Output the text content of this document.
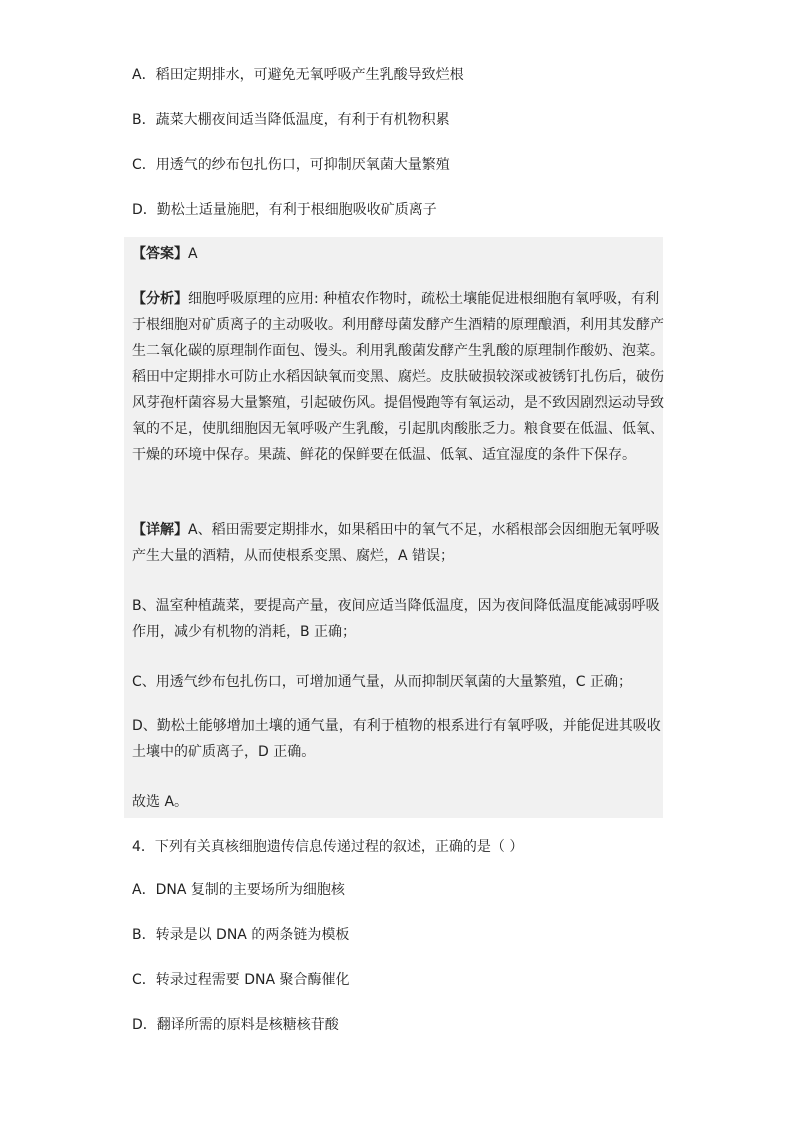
A．稻田定期排水，可避免无氧呼吸产生乳酸导致烂根
B．蔬菜大棚夜间适当降低温度，有利于有机物积累
C．用透气的纱布包扎伤口，可抑制厌氧菌大量繁殖
D．勤松土适量施肥，有利于根细胞吸收矿质离子
【答案】A

【分析】细胞呼吸原理的应用: 种植农作物时，疏松土壤能促进根细胞有氧呼吸，有利于根细胞对矿质离子的主动吸收。利用酵母菌发酵产生酒精的原理酿酒，利用其发酵产生二氧化碳的原理制作面包、馒头。利用乳酸菌发酵产生乳酸的原理制作酸奶、泡菜。稻田中定期排水可防止水稻因缺氧而变黑、腐烂。皮肤破损较深或被锈钉扎伤后，破伤风芽孢杆菌容易大量繁殖，引起破伤风。提倡慢跑等有氧运动，是不致因剧烈运动导致氧的不足，使肌细胞因无氧呼吸产生乳酸，引起肌肉酸胀乏力。粮食要在低温、低氧、干燥的环境中保存。果蔬、鲜花的保鲜要在低温、低氧、适宜湿度的条件下保存。

【详解】A、稻田需要定期排水，如果稻田中的氧气不足，水稻根部会因细胞无氧呼吸产生大量的酒精，从而使根系变黑、腐烂，A 错误；

B、温室种植蔬菜，要提高产量，夜间应适当降低温度，因为夜间降低温度能减弱呼吸作用，减少有机物的消耗，B 正确；

C、用透气纱布包扎伤口，可增加通气量，从而抑制厌氧菌的大量繁殖，C 正确；

D、勤松土能够增加土壤的通气量，有利于植物的根系进行有氧呼吸，并能促进其吸收土壤中的矿质离子，D 正确。

故选 A。
4．下列有关真核细胞遗传信息传递过程的叙述，正确的是（ ）
A．DNA 复制的主要场所为细胞核
B．转录是以 DNA 的两条链为模板
C．转录过程需要 DNA 聚合酶催化
D．翻译所需的原料是核糖核苷酸
